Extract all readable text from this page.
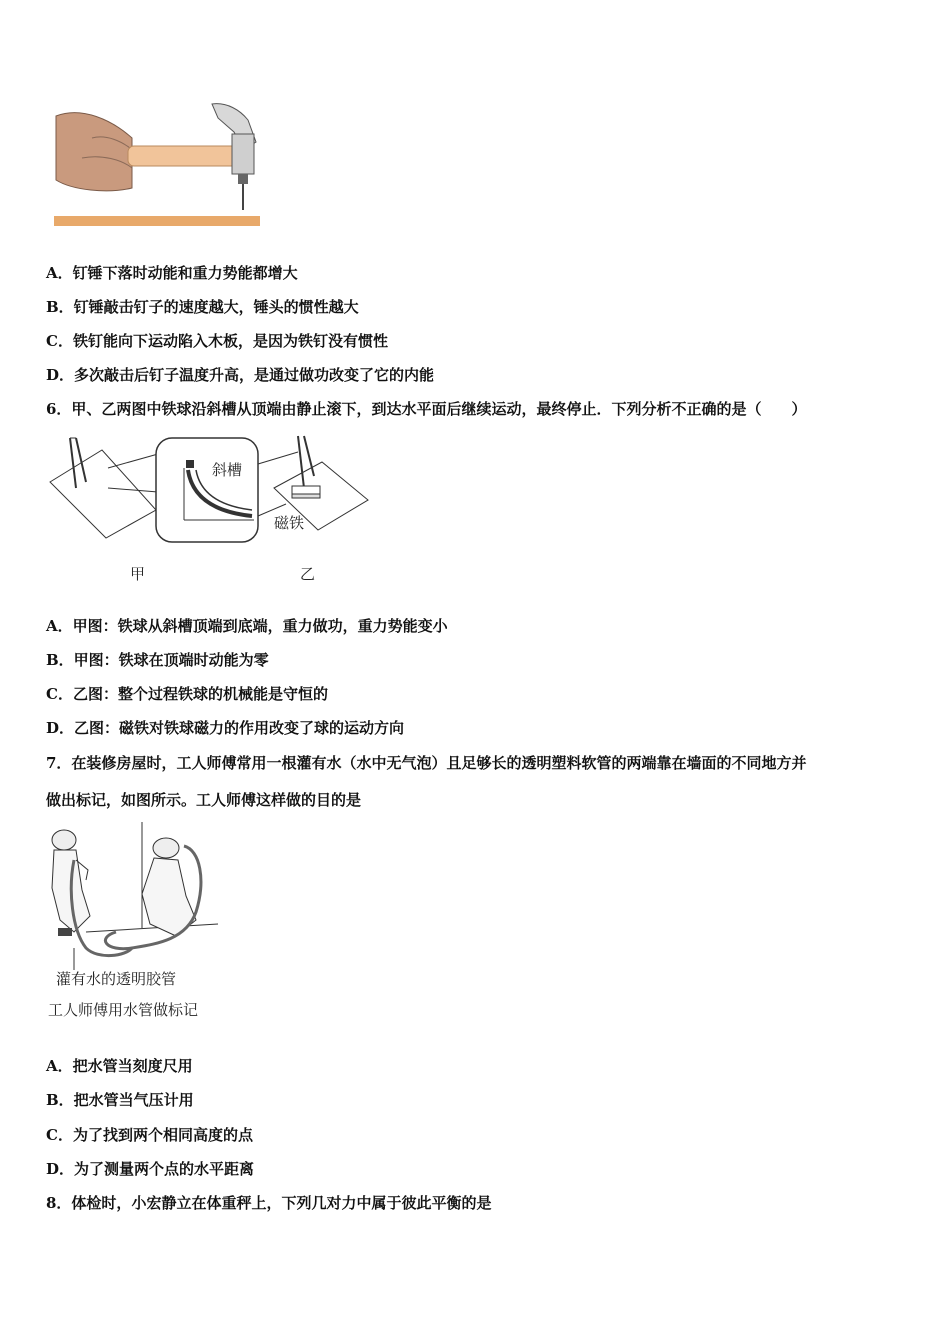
A．钉锤下落时动能和重力势能都增大
B．钉锤敲击钉子的速度越大，锤头的惯性越大
C．铁钉能向下运动陷入木板，是因为铁钉没有惯性
D．多次敲击后钉子温度升高，是通过做功改变了它的内能
6．甲、乙两图中铁球沿斜槽从顶端由静止滚下，到达水平面后继续运动，最终停止．下列分析不正确的是（　　）
斜槽
磁铁
甲	乙
A．甲图：铁球从斜槽顶端到底端，重力做功，重力势能变小
B．甲图：铁球在顶端时动能为零
C．乙图：整个过程铁球的机械能是守恒的
D．乙图：磁铁对铁球磁力的作用改变了球的运动方向
7．在装修房屋时，工人师傅常用一根灌有水（水中无气泡）且足够长的透明塑料软管的两端靠在墙面的不同地方并
做出标记，如图所示。工人师傅这样做的目的是
灌有水的透明胶管
工人师傅用水管做标记
A．把水管当刻度尺用
B．把水管当气压计用
C．为了找到两个相同高度的点
D．为了测量两个点的水平距离
8．体检时，小宏静立在体重秤上，下列几对力中属于彼此平衡的是
